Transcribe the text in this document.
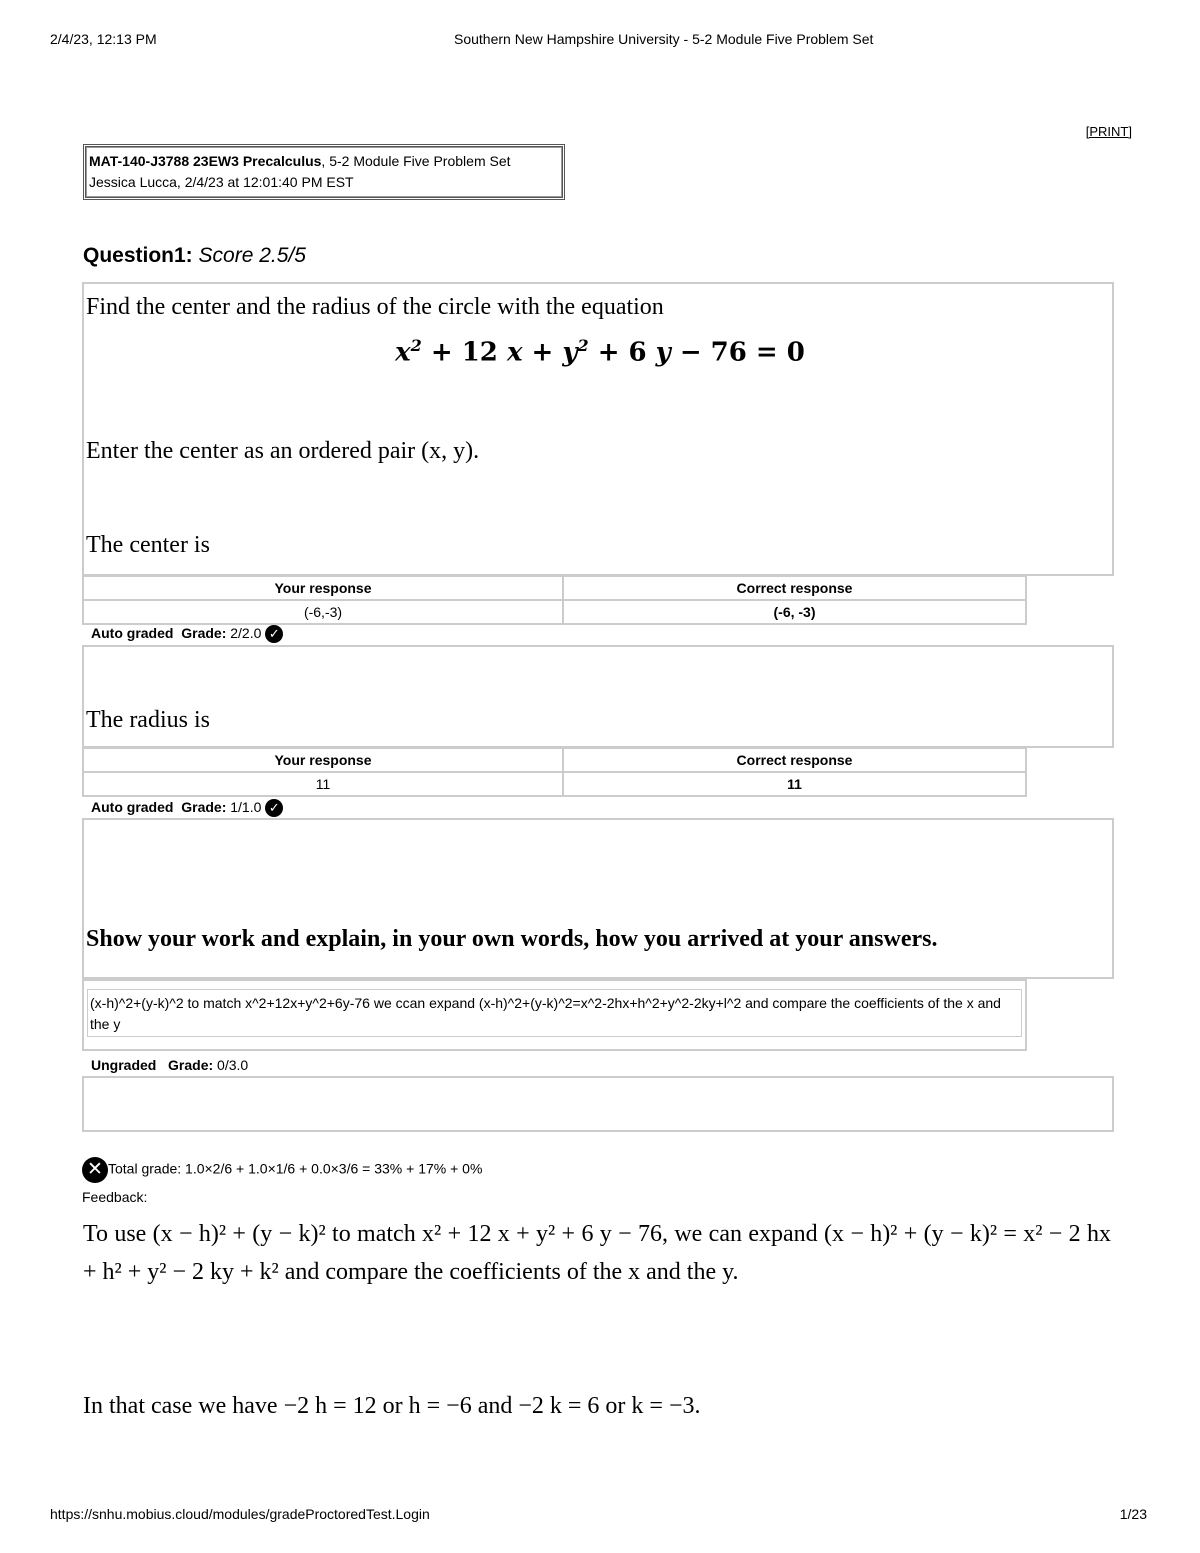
2/4/23, 12:13 PM	Southern New Hampshire University - 5-2 Module Five Problem Set
[PRINT]
MAT-140-J3788 23EW3 Precalculus, 5-2 Module Five Problem Set
Jessica Lucca, 2/4/23 at 12:01:40 PM EST
Question1: Score 2.5/5
Find the center and the radius of the circle with the equation
$x^2 + 12$ $x + y^2 + 6$ y − 76 = 0
Enter the center as an ordered pair (x, y).
The center is
Your response	Correct response
(-6,-3)	(-6, -3)
Auto graded Grade: 2/2.0 ✓
The radius is
Your response	Correct response
11	11
Auto graded Grade: 1/1.0 ✓
Show your work and explain, in your own words, how you arrived at your answers.
(x-h)^2+(y-k)^2 to match x^2+12x+y^2+6y-76 we ccan expand (x-h)^2+(y-k)^2=x^2-2hx+h^2+y^2-2ky+l^2 and compare the coefficients of the x and the y
Ungraded Grade: 0/3.0
✕ Total grade: 1.0×2/6 + 1.0×1/6 + 0.0×3/6 = 33% + 17% + 0%
Feedback:
To use (x − h)² + (y − k)² to match x² + 12 x + y² + 6 y − 76, we can expand (x − h)² + (y − k)² = x² − 2 hx + h² + y² − 2 ky + k² and compare the coefficients of the x and the y.
In that case we have −2 h = 12 or h = −6 and −2 k = 6 or k = −3.
https://snhu.mobius.cloud/modules/gradeProctoredTest.Login	1/23
